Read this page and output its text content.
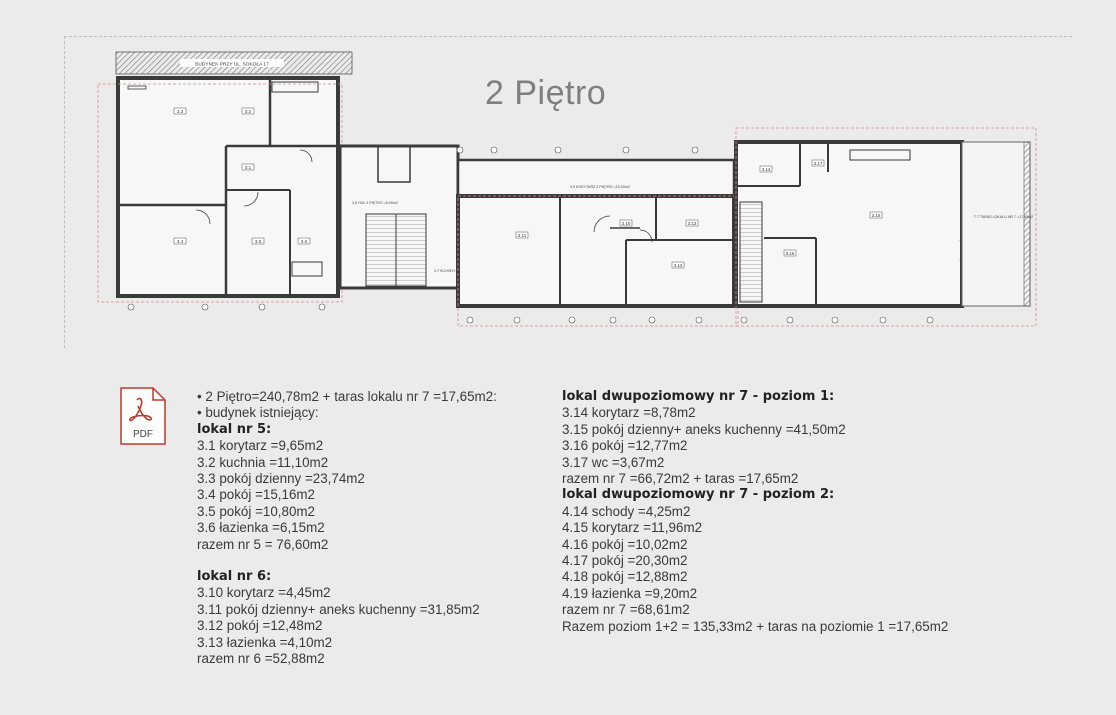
BUDYNEK PRZY UL. SOKOŁA 17
3.3	3.2
3.1
3.4	3.5	3.6
3.10
3.11
3.12
3.13
3.14
3.15
3.16
3.17
3.9 KORYTARZ 2 PIĘTRO =19,09m2
3.8 HOL 2 PIĘTRO =5,09m2
3.7 SCHODY
7.7 TARAS LOKALU NR 7 =17,65m2
2 Piętro
PDF
• 2 Piętro=240,78m2 + taras lokalu nr 7 =17,65m2:
• budynek istniejący:
lokal nr 5:
3.1 korytarz =9,65m2
3.2 kuchnia =11,10m2
3.3 pokój dzienny =23,74m2
3.4 pokój =15,16m2
3.5 pokój =10,80m2
3.6 łazienka =6,15m2
razem nr 5 = 76,60m2
lokal nr 6:
3.10 korytarz =4,45m2
3.11 pokój dzienny+ aneks kuchenny =31,85m2
3.12 pokój =12,48m2
3.13 łazienka =4,10m2
razem nr 6 =52,88m2
lokal dwupoziomowy nr 7 - poziom 1:
3.14 korytarz =8,78m2
3.15 pokój dzienny+ aneks kuchenny =41,50m2
3.16 pokój =12,77m2
3.17 wc =3,67m2
razem nr 7 =66,72m2 + taras =17,65m2
lokal dwupoziomowy nr 7 - poziom 2:
4.14 schody =4,25m2
4.15 korytarz =11,96m2
4.16 pokój =10,02m2
4.17 pokój =20,30m2
4.18 pokój =12,88m2
4.19 łazienka =9,20m2
razem nr 7 =68,61m2
Razem poziom 1+2 = 135,33m2 + taras na poziomie 1 =17,65m2
